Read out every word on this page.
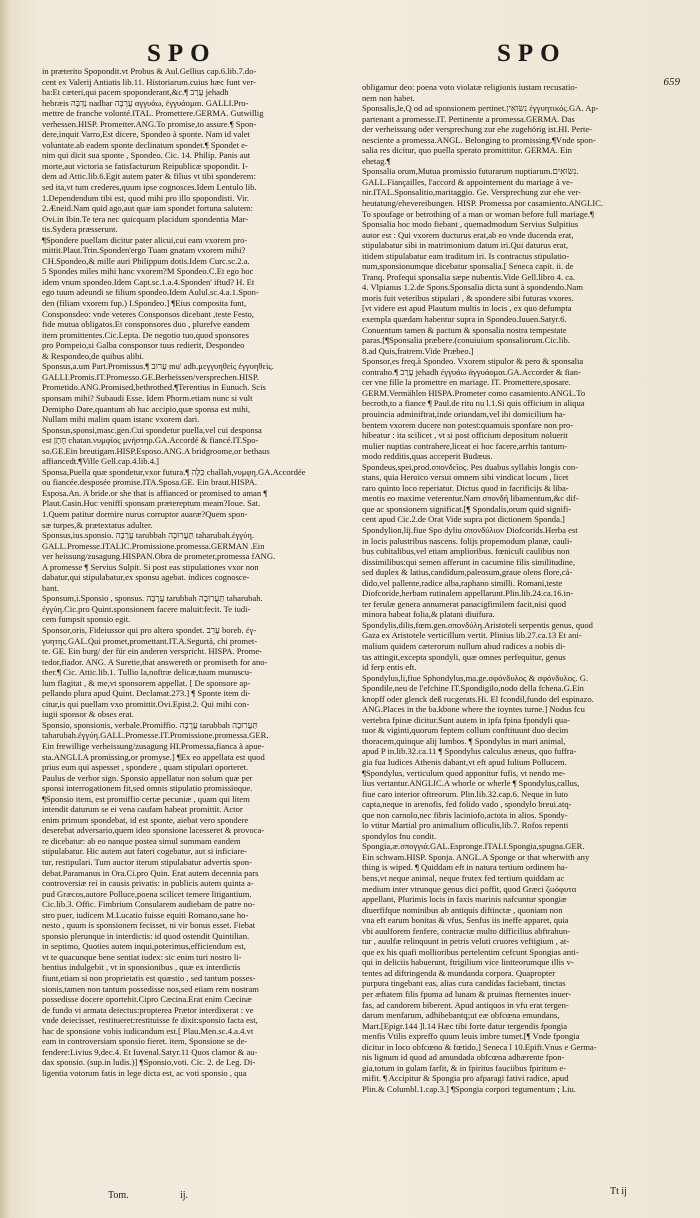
SPO	SPO
659
in præterito Spopondit.vt Probus & Aul.Gellius cap.6.lib.7.do-
cent ex Valerij Antiatis lib.11. Historiarum.cuius hæc funt ver-
ba:Et cæteri,qui pacem spoponderant,&c.¶ עָרַב jehadh
hebræis נַדְבָּה nadbar עֲרָבָה αγγυάω, ἐγγυάομαι. GALLI.Pro-
mettre de franche volonté.ITAL. Promettere.GERMA. Gutwillig
verhessen.HISP. Prometter.ANG.To promise,to assure.¶ Spon-
dere,inquit Varro,Est dicere, Spondeo à sponte. Nam id valet
voluntate.ab eadem sponte declinatum spondet.¶ Spondet e-
nim qui dicit sua sponte , Spondeo. Cic. 14. Philip. Panis aut
morte,aut victoria se fatisfacturum Reipublicæ spopondit. I-
dem ad Attic.lib.6.Egit autem pater & filius vt tibi sponderem:
sed ita,vt tum crederes,quum ipse cognosces.Idem Lentulo lib.
1.Dependendum tibi est, quod mihi pro illo spopondisti. Vir.
2.Æneid.Nam quid ago,aut quæ iam spondet fortuna salutem:
Ovi.in Ibin.Te tera nec quicquam placidum spondentia Mar-
tis.Sydera præsserunt.
¶Spondere puellam dicitur pater alicui,cui eam vxorem pro-
mittit.Plaut.Trin.Sponden'ergo Tuam gnatam vxorem mihi?
CH.Spondeo,& mille auri Philippum dotis.Idem Curc.sc.2.a.
5 Spondes miles mihi hanc vxorem?M Spondeo.C.Et ego hoc
idem vnum spondeo.Idem Capt.sc.1.a.4.Sponden' iftud? H. Et
ego tuum adeundi se filium spondeo.Idem Aulul.sc.4.a.1.Spon-
den (filiam vxorem fup.) I.Spondeo.] ¶Eius composita funt,
Consponsdeo: vnde veteres Consponsos dicebant ,teste Festo,
fide mutua obligatos.Et consponsores duo , plurefve eandem
item promittentes.Cic.Lepta. De negotio tuo,quod sponsores
pro Pompeio,si Galba consponsor tuus redierit, Despondeo
& Respondeo,de quibus alibi.
Sponsus,a.um Part.Promissus.¶ עָרוּב mu' adh.μεγγυηθεὶς ἐγγυηθεὶς.
GALLI.Promis.IT.Promesso.GE.Berheissen/versprechen.HISP.
Prometido.ANG.Promised,bethrothed.¶Terentius in Eunuch. Scis
sponsam mihi? Subaudi Esse. Idem Phorm.etiam nunc si vult
Demipho Dare,quantum ab hac accipio,quæ sponsa est mihi,
Nullam mihi malim quam istanc vxorem dari.
Sponsus,sponsi,masc.gen.Cui spondetur puella,vel cui desponsa
est חָתָן chatan.νυμφίος μνήστηρ.GA.Accordé & fiancé.IT.Spo-
so.GE.Ein breutigam.HISP.Esposo.ANG.A bridgroome,or bethaus
affiancedt.¶Ville Gell.cap.4.lib.4.]
Sponsa,Puella quæ spondetur,vxor futura.¶ כַּלָּה challah,νυμφη.GA.Accordée
ou fiancée.desposée promise.ITA.Sposa.GE. Ein braut.HISPA.
Esposa.An. A bride.or she that is affianced or promised to aman ¶
Plaut.Casin.Huc veniffi sponsam prætereptum meam?Ioue. Sat.
1.Quem patitur dormire nurus corruptor auaræ?Quem spon-
sæ turpes,& prætextatus adulter.
Sponsus,ius.sponsio. עֲרֻבָּה tarubbah תַּעֲרוּבָה taharubah.ἐγγύη.
GALL.Promesse.ITALIC.Promissione.promessa.GERMAN .Ein
ver heissung/zusagung.HISPAN.Obra de prometer,promessa fANG.
A promesse ¶ Servius Sulpit. Si post eas stipulationes vxor non
dabatur,qui stipulabatur,ex sponsu agebat. indices cognosce-
bant.
Sponsum,i.Sponsio , sponsus. עֲרֻבָּה tarubbah תַּעֲרוּבָה taharubah.
ἐγγύη.Cic.pro Quint.sponsionem facere maluit:fecit. Te iudi-
cem fumpsit sponsio egit.
Sponsor,oris, Fideiussor qui pro altero spondet. עָרֵב boreb. ἐγ-
γυητης.GAL.Qui promet,promettant.IT.A.Segurtà, chi promet-
te. GE. Ein burg/ der für ein anderen verspricht. HISPA. Prome-
tedor,fiador. ANG. A Suretie,that answereth or promiseth for ano-
ther.¶ Cic. Attic.lib.1. Tullio la,noftræ delicæ,tuum munuscu-
lum flagitat , & me,vt sponsorem appellat. [ De sponsore ap-
pellando plura apud Quint. Declamat.273.] ¶ Sponte item di-
citur,is qui puellam vxo promittit.Ovi.Epist.2. Qui mihi con-
iugii sponsor & obses erat.
Sponsio, sponsionis, verbale.Promiffio. עֲרֻבָּה tarubbah תַּעֲרוּבָה
taharubah.ἐγγύη.GALL.Promesse.IT.Promissione.promessa.GER.
Ein frewillige verheissung/zusagung HI.Promessa,fianca à apue-
sta.ANGLI.A promissing,or promyse.] ¶Ex eo appellata est quod
prius eum qui aspesset , spondere , quam stipulari oporteret.
Paulus de verbor sign. Sponsio appellatur non solum quæ per
sponsi interrogationem fit,sed omnis stipulatio promissioque.
¶Sponsio item, est promiffio certæ pecuniæ , quam qui litem
intendit daturum se ei vena caufam habeat promittit. Actor
enim primum spondebat, id est sponte, aiebat vero spondere
deserebat adversario,quem ideo sponsione lacesseret & provoca-
re dicebatur: ab eo nanque postea simul summam eandem
stipulabatur. Hic autem aut fateri cogebatur, aut si inficiare-
tur, restipulari. Tum auctor iterum stipulabatur advertis spon-
debat.Paramanus in Ora.Ci.pro Quin. Erat autem decennia pars
controversiæ rei in causis privatis: in publicis autem quinta a-
pud Græcos,autore Polluce,poena scilicet temere litigantium.
Cic.lib.3. Offic. Fimbrium Consularem audiebam de patre no-
stro puer, iudicem M.Lucatio fuisse equiti Romano,sane ho-
nesto , quum is sponsionem fecisset, ni vir bonus esset. Fiebat
sponsio plerunque in interdictis: id quod ostendit Quintilian.
in septimo, Quoties autem inqui,poterimus,efficiendum est,
vt te quacunque bene sentiat iudex: sic enim turi nostro li-
bentius indulgebit , vt in sponsionibus , quæ ex interdictis
fiunt,etiam si non proprietatis est quæstio , sed tantum posses-
sionis,tamen non tantum possedisse nos,sed etiam rem nostram
possedisse docere oportebit.Cipro Cæcina.Erat enim Cæcinæ
de fundo vi armata deiectus:propterea Prætor interdixerat : ve
vnde deiecisset, restitueret:restituisse fe dixit:sponsio facta est,
hac de sponsione vobis iudicandum est.[ Plau.Men.sc.4.a.4.vt
eam in controversiam sponsio fieret. item, Sponsione se de-
fendere:Livius 9,dec.4. Et Iuvenal.Satyr.11 Quos clamor & au-
dax sponsio. (sup.in ludis.)] ¶Sponsio,voti. Cic. 2. de Leg. Di-
ligentia votorum fatis in lege dicta est, ac voti sponsio , qua
obligamur deo: poena voto violatæ religionis iustam recusatio-
nem non habet.
Sponsalis,le,Q od ad sponsionem pertinet.נִשּׂוּאִין ἐγγυητικός.GA. Ap-
partenant a promesse.IT. Pertinente a promessa.GERMA. Das
der verheissung oder versprechung zur ehe zugehörig ist.HI. Perte-
nesciente a promessa.ANGL. Belonging to promissing.¶Vnde spon-
salia res dicitur, quo puella sperato promittitur. GERMA. Ein
ehetag.¶
Sponsalia orum,Mutua promissio futurarum nuptiarum.נִשּׂוּאִים.
GALL.Fiançailles, l'accord & appointement du mariage à ve-
nir.ITAL.Sponsalitio,maritaggio. Ge. Versprechung zur ehe ver-
heutatung/ehevereibungen. HISP. Promessa por casamiento.ANGLIC.
To spoufage or betrothing of a man or woman before full mariage.¶
Sponsalia hoc modo fiebant , quemadmodum Servius Sulpitius
autor est : Qui vxorem ducturus erat,ab eo vnde ducenda erat,
stipulabatur sibi in matrimonium datum iri.Qui daturus erat,
itidem stipulabatur eam traditum iri. Is contractus stipulatio-
num,sponsionumque dicebatur sponsalia.[ Seneca capit. ii. de
Tranq. Profequi sponsalia sæpe nubentis.Vide Gell.libro 4. ca.
4. Vlpianus 1.2.de Spons.Sponsalia dicta sunt à spondendo.Nam
moris fuit veteribus stipulari , & spondere sibi futuras vxores.
[vt videre est apud Plautum multis in locis , ex quo defumpta
exempla quædam habentur supra in Spondeo.Iuuen.Satyr.6.
Conuentum tamen & pactum & sponsalia nostra tempestate
paras.[¶Sponsalia præbere.(conuiuium sponsaliorum.Cic.lib.
8.ad Quis,fratrem.Vide Præbeo.]
Sponsor,es freq.à Spondeo. Vxorem stipulor & pero & sponsalia
contraho.¶ עָרַב jehadh ἐγγυάω ἀγγυάομαι.GA.Accorder & fian-
cer vne fille la promettre en mariage. IT. Promettere,sposare.
GERM.Vermählen HISPA.Prometer como casamiento.ANGL.To
becroth,to a fiance ¶ Paul.de ritu nu l.1.Si quis officium in aliqua
prouincia adminiftrat,inde oriundam,vel ibi domicilium ha-
bentem vxorem ducere non potest:quamuis sponfare non pro-
hibeatur : ita scilicet , vt si post officium depositum noluerit
mulier nuptias contrahere,liceat ei hoc facere,arrhis tantum-
modo redditis,quas acceperit Budæus.
Spondeus,spei,prod.σπονδεῖος. Pes duabus syllabis longis con-
stans, quia Heroico versui omnem sibi vindicat locum , licet
raro quinto loco reperiatur. Dictus quod in facrificijs & liba-
mentis eo maxime veterentur.Nam σπονδή libamentum,&c dif-
que ac sponsionem significat.[¶ Spondalis,orum quid signifi-
cent apud Cic.2.de Orat Vide supra pot dictionem Sponda.]
Spondylion,lij.fiue Spo dyliu σπονδύλιον Diofcorids.Herba est
in locis palustribus nascens. folijs propemodum planæ, cauli-
bus cubitalibus,vel etiam amplioribus. fœniculi caulibus non
dissimilibus:qui semen afferunt in cacumine filis similitudine,
sed duplex & latius,candidum,paleosum,graue olens flore,cå-
dido,vel pallente,radice alba,raphano similli. Romani,teste
Diofcoride,herbam rutinalem appellarunt.Plin.lib.24.ca.16.in-
ter ferulæ genera annumerat panacigfimilem facit,nisi quod
minora habeat folia,& platani diuifura.
Spondylis,dilis,fœm.gen.σπονδύλη.Aristoteli serpentis genus, quod
Gaza ex Aristotele verticillum vertit. Plinius lib.27.ca.13 Et ani-
malium quidem cæterorum nullum ahud radices a nobis di-
tas attingit,excepta spondyli, quæ omnes perfequitur, genus
id ferp entis eft.
Spondylus,li,fiue Sphondylus,ma.ge.σφόνδυλος & σφόνδυλος. G.
Spondile,neu de l'efchine IT.Spondigilo,nodo della fchena.G.Ein
knopff oder glenck deß rucgerats.Hi. El fcondil,fundo del espinazo.
ANG.Places in the ba.kbone where the ioyntes turne.] Nodus fcu
vertebra fpinæ dicitur.Sunt autem in ipfa fpina fpondyli qua-
tuor & viginti,quorum feptem collum conftituunt duo decim
thoracem,quinque alij lumbos. ¶ Spondylus in mari animal,
apud P in.lib.32.ca.11 ¶ Spondylus calculus æneus, quo fuffra-
gia fua Iudices Athenis dabant,vt eft apud Iulium Pollucem.
¶Spondylus, verticulum quod apponitur fufis, vt nendo me-
lius vertantur.ANGLIC.A whorle or wherle ¶ Spondylus,callus,
fiue caro interior oftreorum. Plin.lib.32.cap.6. Neque in luto
capta,neque in arenofis, fed folido vado , spondylo breui.atq-
que non carnolo,nec fibris laciniofo,actota in alios. Spondy-
lo vtitur Martial pro animalium ofliculis,lib.7. Rofos repenti
spondylos fnu condit.
Spongia,æ.σπογγιά.GAL.Espronge.ITALI.Spongia,spugna.GER.
Ein schwam.HISP. Sponja. ANGL.A Sponge or that wherwith any
thing is wiped. ¶ Quiddam eft in natura tertium ordinem ha-
bens,vt neque animal, neque frutex fed tertium quiddam ac
medium inter vtrunque genus dici poffit, quod Græci ζωόφυτα
appellant, Plurimis locis in faxis marinis nafcuntur spongiæ
diuerfifque nominibus ab antiquis diftinctæ , quoniam non
vna eft earum bonitas & vfus, Senfus iis ineffe apparet, quia
vbi auulforem fenfere, contractæ multo difficilius abftrahun-
tur , auulfæ relinquunt in petris veluti cruores veftigium , at-
que ex his quafi mollioribus pertelentim cefcunt Spongias anti-
qui in deliciis habuerunt, ftrigilium vice lintteorumque illis v-
tentes ad diftringenda & mundanda corpora. Quapropter
purpura tingebant eas, alias cura candidas faciebant, tinctas
per æftatem filis fpuma ad lunam & pruinas fternentes inuer-
fas, ad candorem biberent. Apud antiquos in vfu erat tergen-
darum menfarum, adhibebantq;ut eæ obfcœna emundans,
Mart.[Epigr.144 ]l.14 Hæc tibi forte datur tergendis fpongia
menfis Vtilis expreffo quum leuis imbre tumet.[¶ Vnde fpongia
dicitur in loco obfcœno & fœtido,] Seneca l 10.Epift.Vnus e Germa-
nis lignum id quod ad amundada obfcœna adhærente fpon-
gia,totum in gulam farfit, & in fpiritus fauciibus fpiritum e-
mifit. ¶ Accipitur & Spongia pro afparagi fativi radice, apud
Plin.& Columbl.1.cap.3.] ¶Spongia corpori tegumentum ; Liu.
Tom.	ij.	Tt ij
